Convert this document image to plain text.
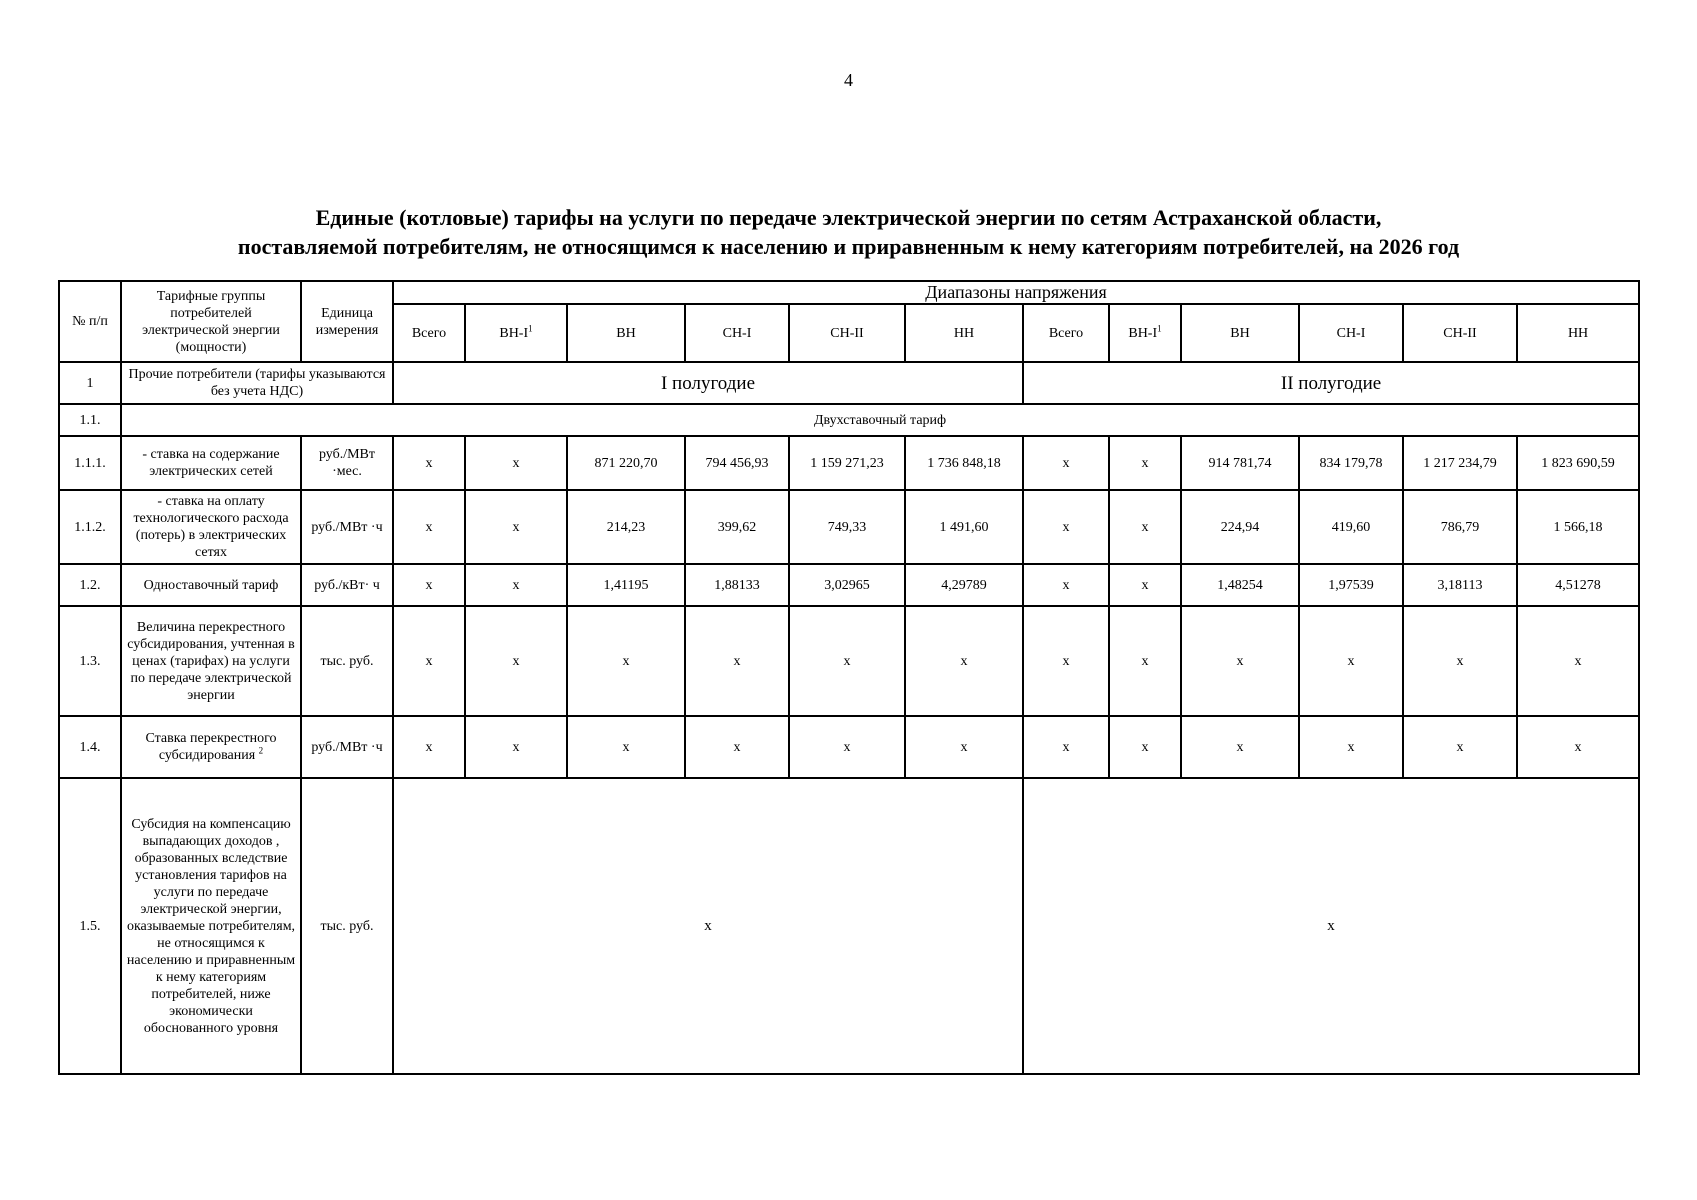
4
Единые (котловые) тарифы на услуги по передаче электрической энергии по сетям Астраханской области,
поставляемой потребителям, не относящимся к населению и приравненным к нему категориям потребителей, на 2026 год
№ п/п	Тарифные группы потребителей электрической энергии (мощности)	Единица измерения	Диапазоны напряжения											
			Всего	$ВН-I^1$	ВН	СН-I	СН-II	НН	Всего	$ВН-I^1$	ВН	СН-I	СН-II	НН
1	Прочие потребители (тарифы указываются без учета НДС)		I полугодие						II полугодие					
1.1.	Двухставочный тариф													
1.1.1.	- ставка на содержание электрических сетей	руб./МВт ·мес.	x	x	871 220,70	794 456,93	1 159 271,23	1 736 848,18	x	x	914 781,74	834 179,78	1 217 234,79	1 823 690,59
1.1.2.	- ставка на оплату технологического расхода (потерь) в электрических сетях	руб./МВт ·ч	x	x	214,23	399,62	749,33	1 491,60	x	x	224,94	419,60	786,79	1 566,18
1.2.	Одноставочный тариф	руб./кВт· ч	x	x	1,41195	1,88133	3,02965	4,29789	x	x	1,48254	1,97539	3,18113	4,51278
1.3.	Величина перекрестного субсидирования, учтенная в ценах (тарифах) на услуги по передаче электрической энергии	тыс. руб.	x	x	x	x	x	x	x	x	x	x	x	x
1.4.	Ставка перекрестного субсидирования $^2$	руб./МВт ·ч	x	x	x	x	x	x	x	x	x	x	x	x
1.5.	Субсидия на компенсацию выпадающих доходов , образованных вследствие установления тарифов на услуги по передаче электрической энергии, оказываемые потребителям, не относящимся к населению и приравненным к нему категориям потребителей, ниже экономически обоснованного уровня	тыс. руб.	x						x					
